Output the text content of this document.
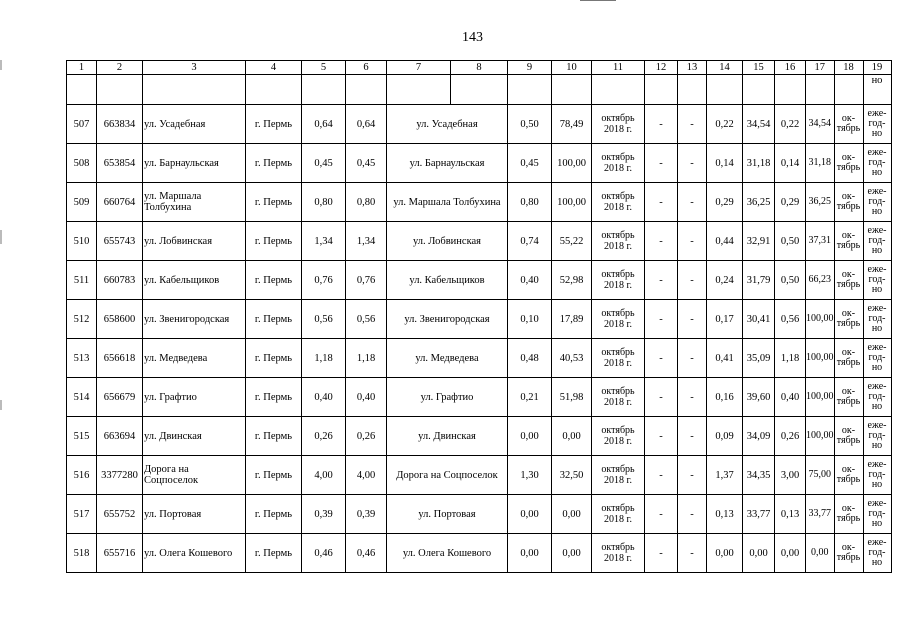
143
1	2	3	4	5	6	7	8	9	10	11	12	13	14	15	16	17	18	19
																		но
507	663834	ул. Усадебная	г. Пермь	0,64	0,64	ул. Усадебная		0,50	78,49	октябрь 2018 г.	-	-	0,22	34,54	0,22	34,54	ок-тябрь	еже-год-но
508	653854	ул. Барнаульская	г. Пермь	0,45	0,45	ул. Барнаульская		0,45	100,00	октябрь 2018 г.	-	-	0,14	31,18	0,14	31,18	ок-тябрь	еже-год-но
509	660764	ул. Маршала Толбухина	г. Пермь	0,80	0,80	ул. Маршала Толбухина		0,80	100,00	октябрь 2018 г.	-	-	0,29	36,25	0,29	36,25	ок-тябрь	еже-год-но
510	655743	ул. Лобвинская	г. Пермь	1,34	1,34	ул. Лобвинская		0,74	55,22	октябрь 2018 г.	-	-	0,44	32,91	0,50	37,31	ок-тябрь	еже-год-но
511	660783	ул. Кабельщиков	г. Пермь	0,76	0,76	ул. Кабельщиков		0,40	52,98	октябрь 2018 г.	-	-	0,24	31,79	0,50	66,23	ок-тябрь	еже-год-но
512	658600	ул. Звенигородская	г. Пермь	0,56	0,56	ул. Звенигородская		0,10	17,89	октябрь 2018 г.	-	-	0,17	30,41	0,56	100,00	ок-тябрь	еже-год-но
513	656618	ул. Медведева	г. Пермь	1,18	1,18	ул. Медведева		0,48	40,53	октябрь 2018 г.	-	-	0,41	35,09	1,18	100,00	ок-тябрь	еже-год-но
514	656679	ул. Графтио	г. Пермь	0,40	0,40	ул. Графтио		0,21	51,98	октябрь 2018 г.	-	-	0,16	39,60	0,40	100,00	ок-тябрь	еже-год-но
515	663694	ул. Двинская	г. Пермь	0,26	0,26	ул. Двинская		0,00	0,00	октябрь 2018 г.	-	-	0,09	34,09	0,26	100,00	ок-тябрь	еже-год-но
516	3377280	Дорога на Соцпоселок	г. Пермь	4,00	4,00	Дорога на Соцпоселок		1,30	32,50	октябрь 2018 г.	-	-	1,37	34,35	3,00	75,00	ок-тябрь	еже-год-но
517	655752	ул. Портовая	г. Пермь	0,39	0,39	ул. Портовая		0,00	0,00	октябрь 2018 г.	-	-	0,13	33,77	0,13	33,77	ок-тябрь	еже-год-но
518	655716	ул. Олега Кошевого	г. Пермь	0,46	0,46	ул. Олега Кошевого		0,00	0,00	октябрь 2018 г.	-	-	0,00	0,00	0,00	0,00	ок-тябрь	еже-год-но
